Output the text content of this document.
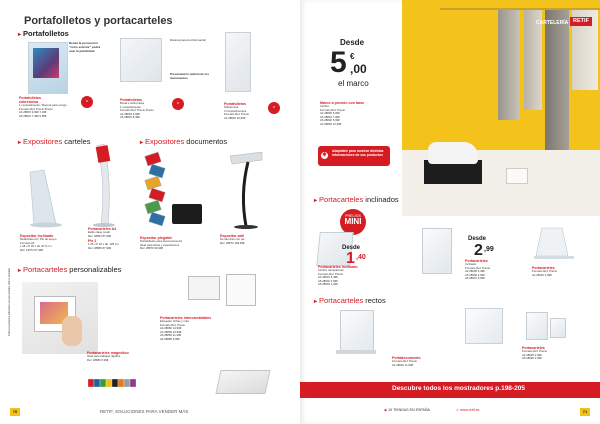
Portafolletos y portacarteles
▸ Portafolletos
Desde la promoción "cetro exterior" podrá usar la publicidad
Portafolletos sobremesa
1 compartimento / Ranura para el logo
Formato Ref. Precio Precio
A4 28815 9,99€ 7,45€
A5 28816 7,49€ 5,85€
%
Ranura para la información
Presentación óptima de los documentos
Portafolletos
Mural o sobremesa
1 compartimento
Formato Ref. Precio Precio
A4 28818 9,99€
A5 28819 8,49€
%	Portafolletos
Sobremesa
3 compartimentos
Formato Ref. Precio
A4 28820 19,99€
%
▸ Expositores carteles	▸ Expositores documentos
Expositor inclinado
Metacrilato A4 / Pie de apoyo
Formato A4
L 28 x P 30 x alt. 97,5 cm
Ref. 43374 57,99€
Portacarteles A4
Estilo clase metal
Ref. 28864 87,99€
Pie 2
L 25 x P 40 x alt. 128 cm
Ref. 28865 87,99€
Expositor plegable
Portafolletos para documentos A4
Ideal para ferias y exposiciones
Ref. 28870 99,99€
Expositor atril
De aluminio con pie
Ref. 28872 189,99€
▸ Portacarteles personalizables
Todos los precios indicados son por unidad, IVA no incluido
Portacarteles magnético
Ideal para trabajos rápidos
Ref. 28880 6,99€
Portacarteles intercambiables
Etiquetas, fichas y más
Formato Ref. Precio
A4 28882 14,99€
A3 28883 24,99€
A5 28884 11,49€
A6 28885 9,99€
70	RETIF, SOLUCIONES PARA VENDER MÁS
CARTELERÍA RETIF
Desde
5 €
,00
el marco
Marco a presión con base
Acrílico
Formato Ref. Precio
A4 28890 5,00€
A5 28891 7,99€
A6 28892 5,99€
A3 28893 12,99€
✱
Adaptable para mostrar distintas informaciones de sus productos
▸ Portacarteles inclinados
PRECIOS
MINI
Desde
1 ,40
Portacarteles inclinado
Acrílico transparente
Formato Ref. Precio
A4 28901 5,49€
A5 28902 3,99€
A6 28903 1,40€
Desde
2 ,99
Portacarteles
Inclinado
Formato Ref. Precio
A4 28905 6,49€
A5 28906 3,99€
A6 28907 2,99€
Portacarteles
Formato Ref. Precio
A4 28910 2,99€
▸ Portacarteles rectos
Portadocumento
Formato Ref. Precio
A4 28920 11,99€
Portacarteles
Formato Ref. Precio
A4 28925 2,99€
A5 28926 1,99€
Descubre todos los mostradores p.198-205
◉ 19 TIENDAS EN ESPAÑA	➶ www.retif.es	71
